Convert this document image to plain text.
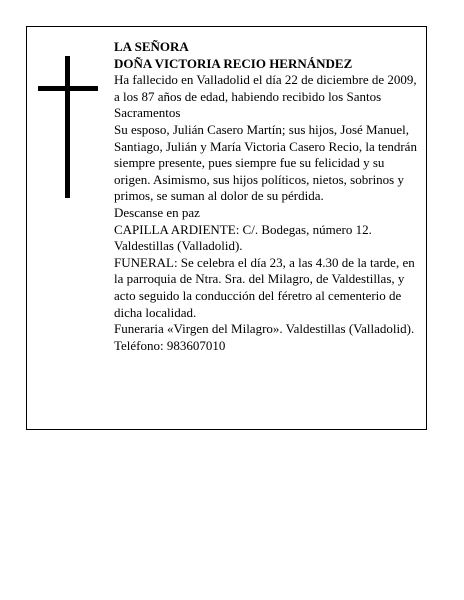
LA SEÑORA

DOÑA VICTORIA RECIO HERNÁNDEZ

Ha fallecido en Valladolid el día 22 de diciembre de 2009, a los 87 años de edad, habiendo recibido los Santos Sacramentos

Su esposo, Julián Casero Martín; sus hijos, José Manuel, Santiago, Julián y María Victoria Casero Recio, la tendrán siempre presente, pues siempre fue su felicidad y su origen. Asimismo, sus hijos políticos, nietos, sobrinos y primos, se suman al dolor de su pérdida.

Descanse en paz

CAPILLA ARDIENTE: C/. Bodegas, número 12. Valdestillas (Valladolid).

FUNERAL: Se celebra el día 23, a las 4.30 de la tarde, en la parroquia de Ntra. Sra. del Milagro, de Valdestillas, y acto seguido la conducción del féretro al cementerio de dicha localidad.

Funeraria «Virgen del Milagro». Valdestillas (Valladolid). Teléfono: 983607010
